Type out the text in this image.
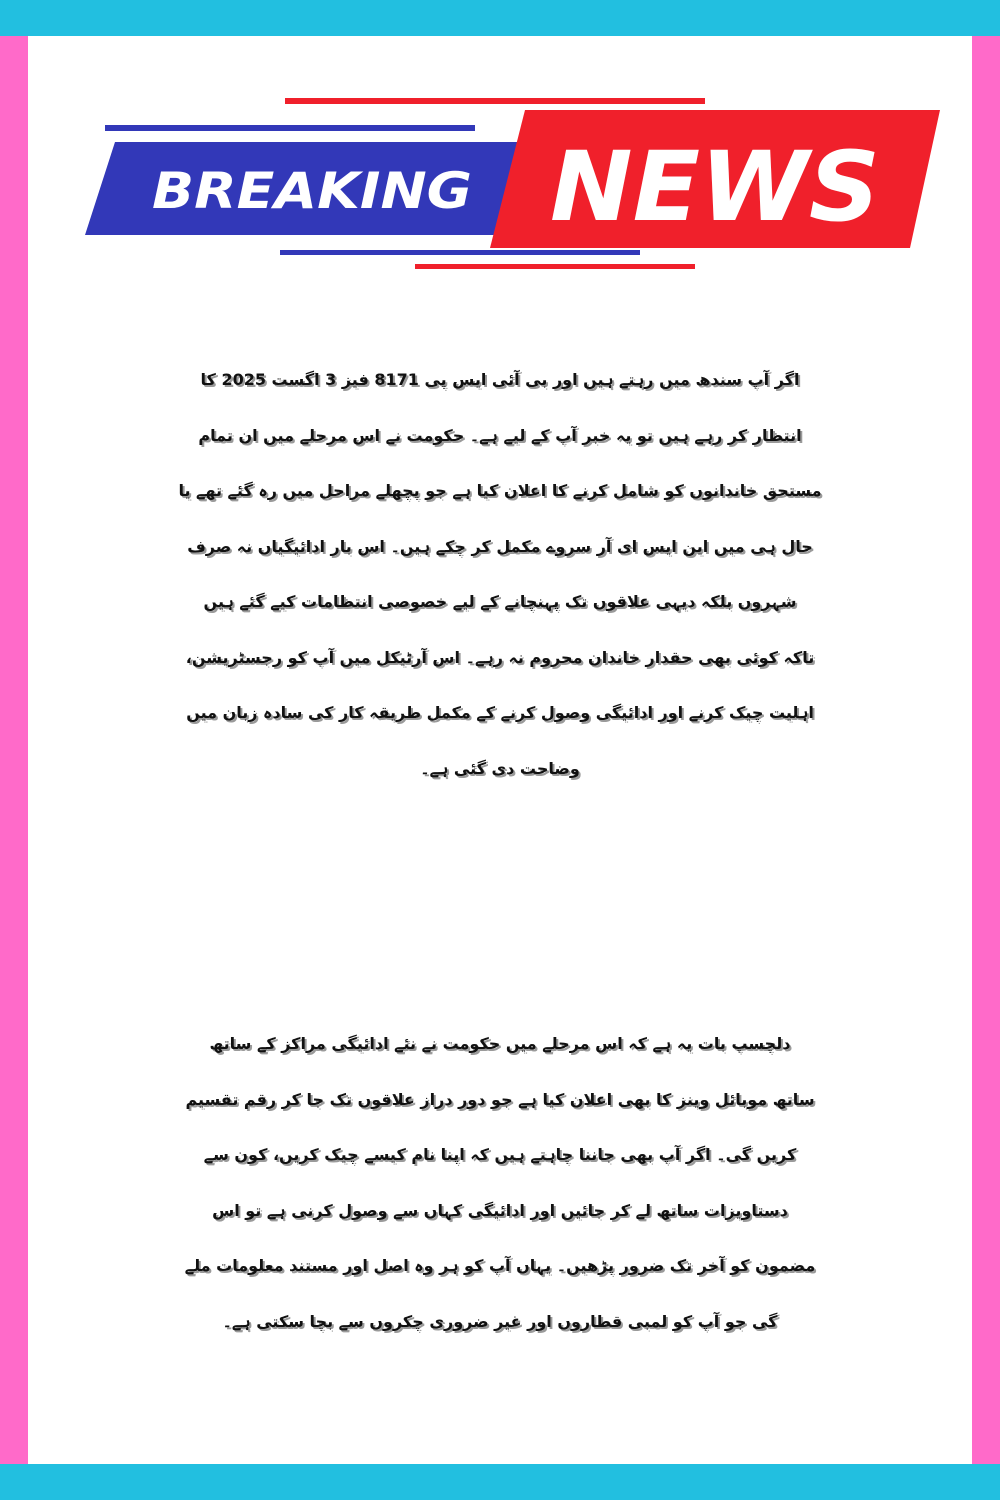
BREAKING NEWS
اگر آپ سندھ میں رہتے ہیں اور بی آئی ایس پی 8171 فیز 3 اگست 2025 کا
انتظار کر رہے ہیں تو یہ خبر آپ کے لیے ہے۔ حکومت نے اس مرحلے میں ان تمام
مستحق خاندانوں کو شامل کرنے کا اعلان کیا ہے جو پچھلے مراحل میں رہ گئے تھے یا
حال ہی میں این ایس ای آر سروے مکمل کر چکے ہیں۔ اس بار ادائیگیاں نہ صرف
شہروں بلکہ دیہی علاقوں تک پہنچانے کے لیے خصوصی انتظامات کیے گئے ہیں
تاکہ کوئی بھی حقدار خاندان محروم نہ رہے۔ اس آرٹیکل میں آپ کو رجسٹریشن،
اہلیت چیک کرنے اور ادائیگی وصول کرنے کے مکمل طریقہ کار کی سادہ زبان میں
وضاحت دی گئی ہے۔
دلچسپ بات یہ ہے کہ اس مرحلے میں حکومت نے نئے ادائیگی مراکز کے ساتھ
ساتھ موبائل وینز کا بھی اعلان کیا ہے جو دور دراز علاقوں تک جا کر رقم تقسیم
کریں گی۔ اگر آپ بھی جاننا چاہتے ہیں کہ اپنا نام کیسے چیک کریں، کون سے
دستاویزات ساتھ لے کر جائیں اور ادائیگی کہاں سے وصول کرنی ہے تو اس
مضمون کو آخر تک ضرور پڑھیں۔ یہاں آپ کو ہر وہ اصل اور مستند معلومات ملے
گی جو آپ کو لمبی قطاروں اور غیر ضروری چکروں سے بچا سکتی ہے۔
